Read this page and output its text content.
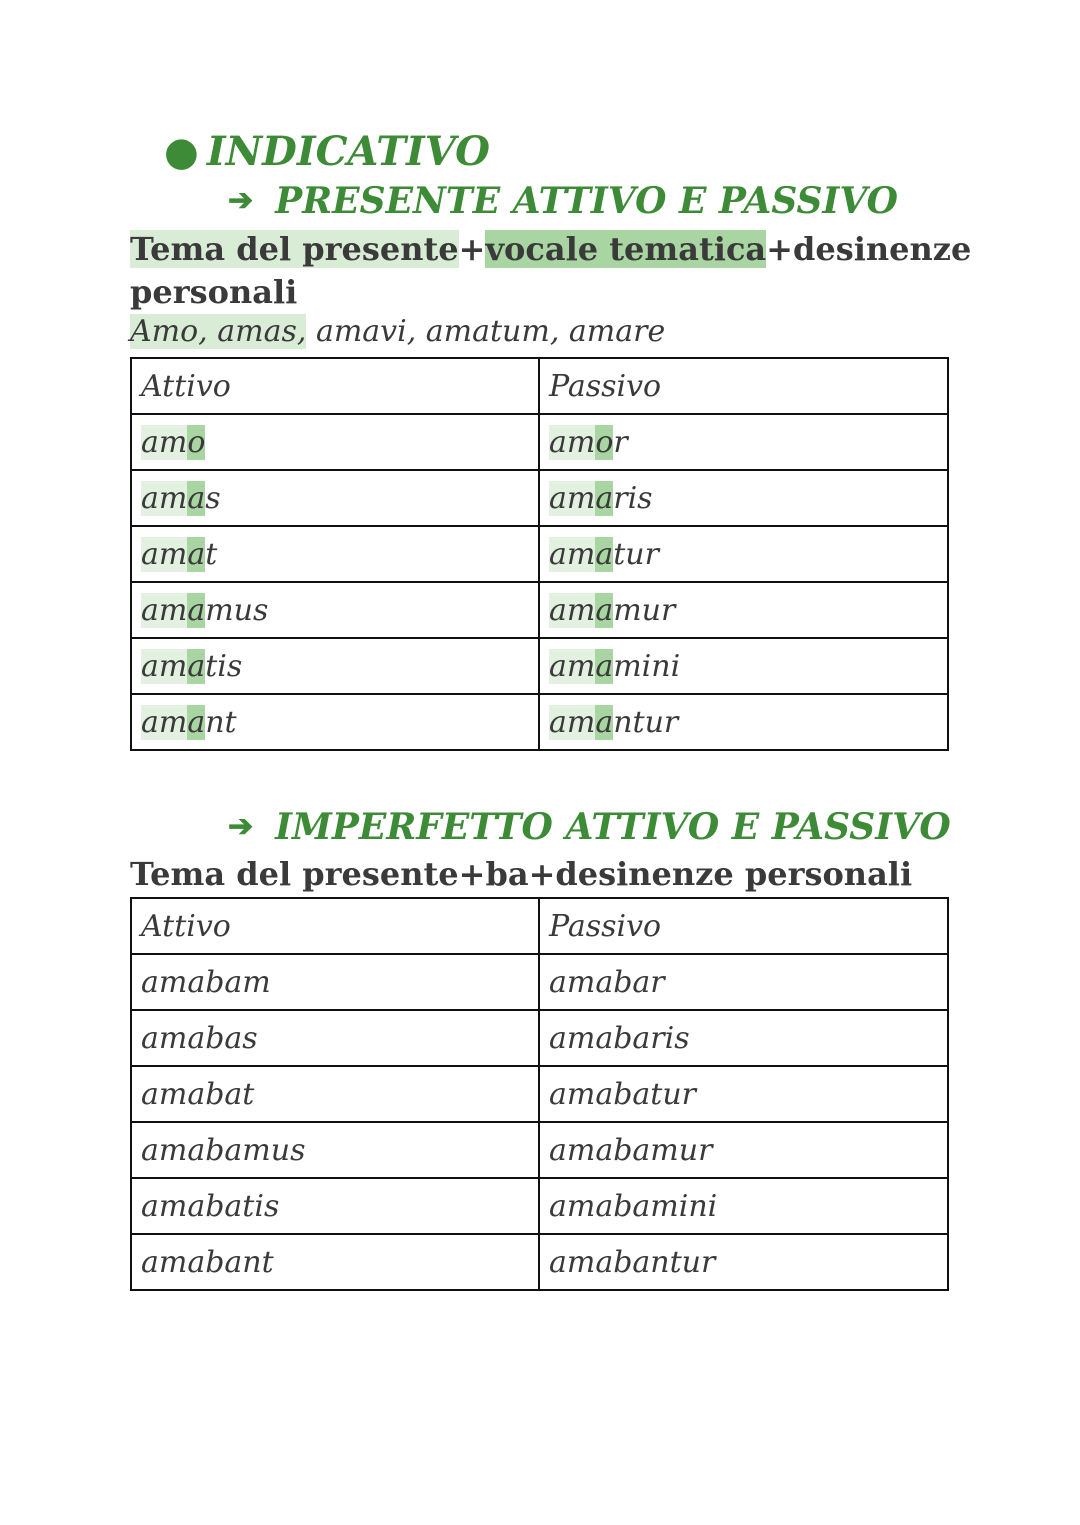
● INDICATIVO
➔ PRESENTE ATTIVO E PASSIVO
Tema del presente+vocale tematica+desinenze
personali
Amo, amas, amavi, amatum, amare
Attivo	Passivo
amo	amor
amas	amaris
amat	amatur
amamus	amamur
amatis	amamini
amant	amantur
➔ IMPERFETTO ATTIVO E PASSIVO
Tema del presente+ba+desinenze personali
Attivo	Passivo
amabam	amabar
amabas	amabaris
amabat	amabatur
amabamus	amabamur
amabatis	amabamini
amabant	amabantur
